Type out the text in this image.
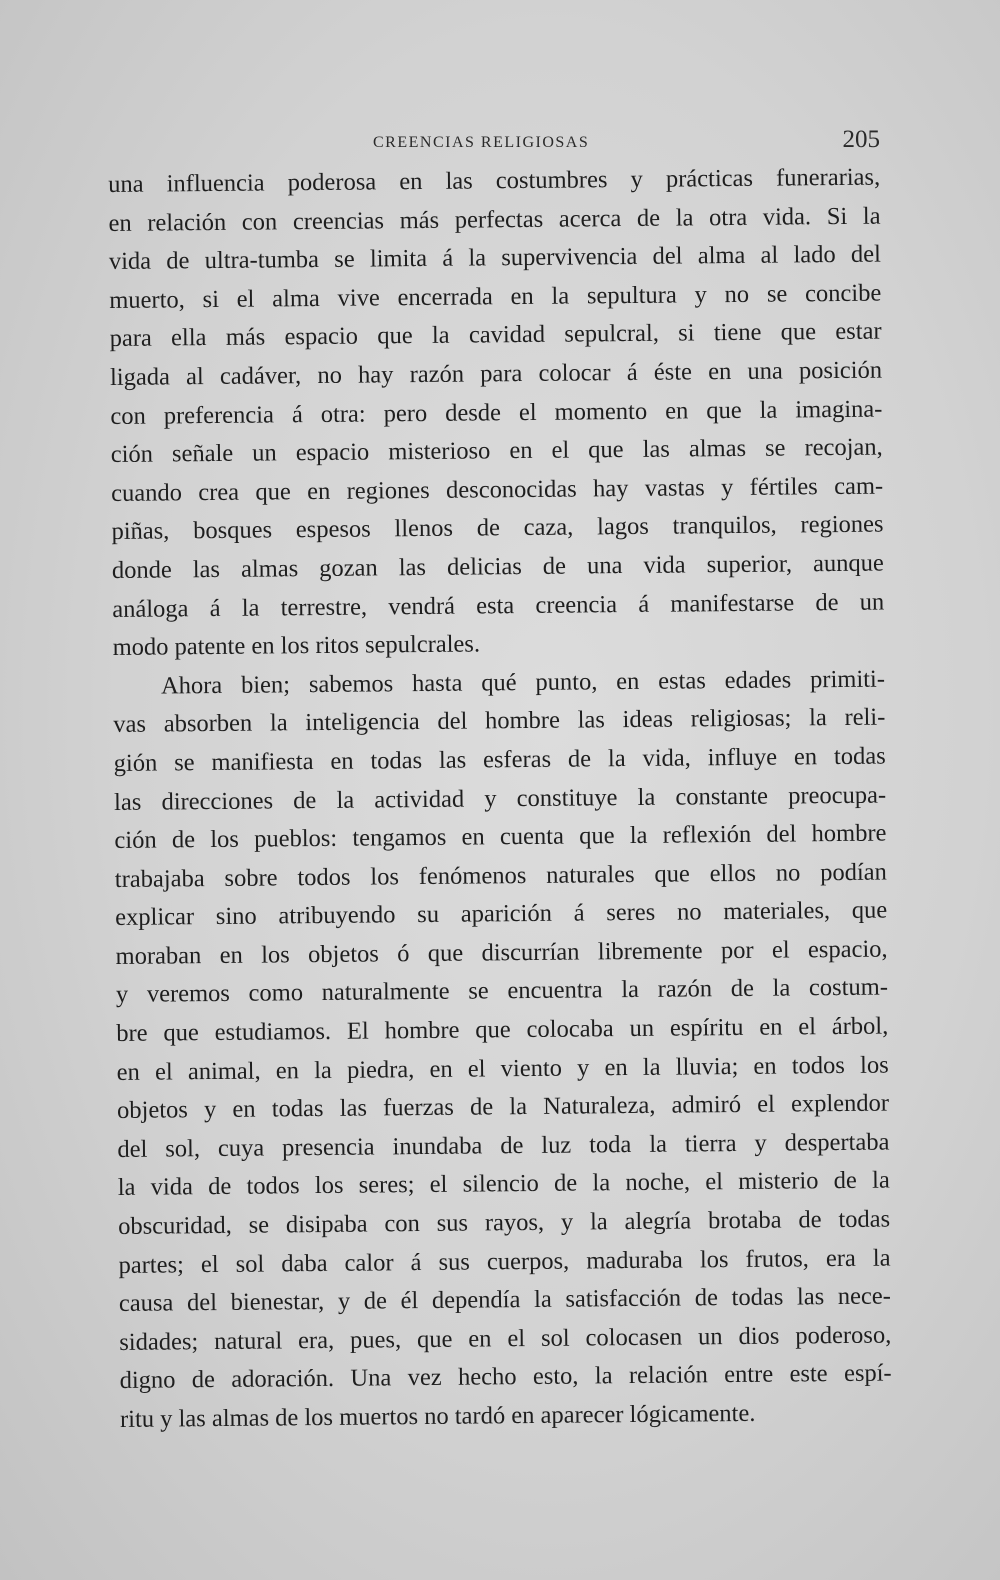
CREENCIAS RELIGIOSAS	205
una influencia poderosa en las costumbres y prácticas funerarias,
en relación con creencias más perfectas acerca de la otra vida. Si la
vida de ultra-tumba se limita á la supervivencia del alma al lado del
muerto, si el alma vive encerrada en la sepultura y no se concibe
para ella más espacio que la cavidad sepulcral, si tiene que estar
ligada al cadáver, no hay razón para colocar á éste en una posición
con preferencia á otra: pero desde el momento en que la imagina-
ción señale un espacio misterioso en el que las almas se recojan,
cuando crea que en regiones desconocidas hay vastas y fértiles cam-
piñas, bosques espesos llenos de caza, lagos tranquilos, regiones
donde las almas gozan las delicias de una vida superior, aunque
análoga á la terrestre, vendrá esta creencia á manifestarse de un
modo patente en los ritos sepulcrales.
Ahora bien; sabemos hasta qué punto, en estas edades primiti-
vas absorben la inteligencia del hombre las ideas religiosas; la reli-
gión se manifiesta en todas las esferas de la vida, influye en todas
las direcciones de la actividad y constituye la constante preocupa-
ción de los pueblos: tengamos en cuenta que la reflexión del hombre
trabajaba sobre todos los fenómenos naturales que ellos no podían
explicar sino atribuyendo su aparición á seres no materiales, que
moraban en los objetos ó que discurrían libremente por el espacio,
y veremos como naturalmente se encuentra la razón de la costum-
bre que estudiamos. El hombre que colocaba un espíritu en el árbol,
en el animal, en la piedra, en el viento y en la lluvia; en todos los
objetos y en todas las fuerzas de la Naturaleza, admiró el explendor
del sol, cuya presencia inundaba de luz toda la tierra y despertaba
la vida de todos los seres; el silencio de la noche, el misterio de la
obscuridad, se disipaba con sus rayos, y la alegría brotaba de todas
partes; el sol daba calor á sus cuerpos, maduraba los frutos, era la
causa del bienestar, y de él dependía la satisfacción de todas las nece-
sidades; natural era, pues, que en el sol colocasen un dios poderoso,
digno de adoración. Una vez hecho esto, la relación entre este espí-
ritu y las almas de los muertos no tardó en aparecer lógicamente.
